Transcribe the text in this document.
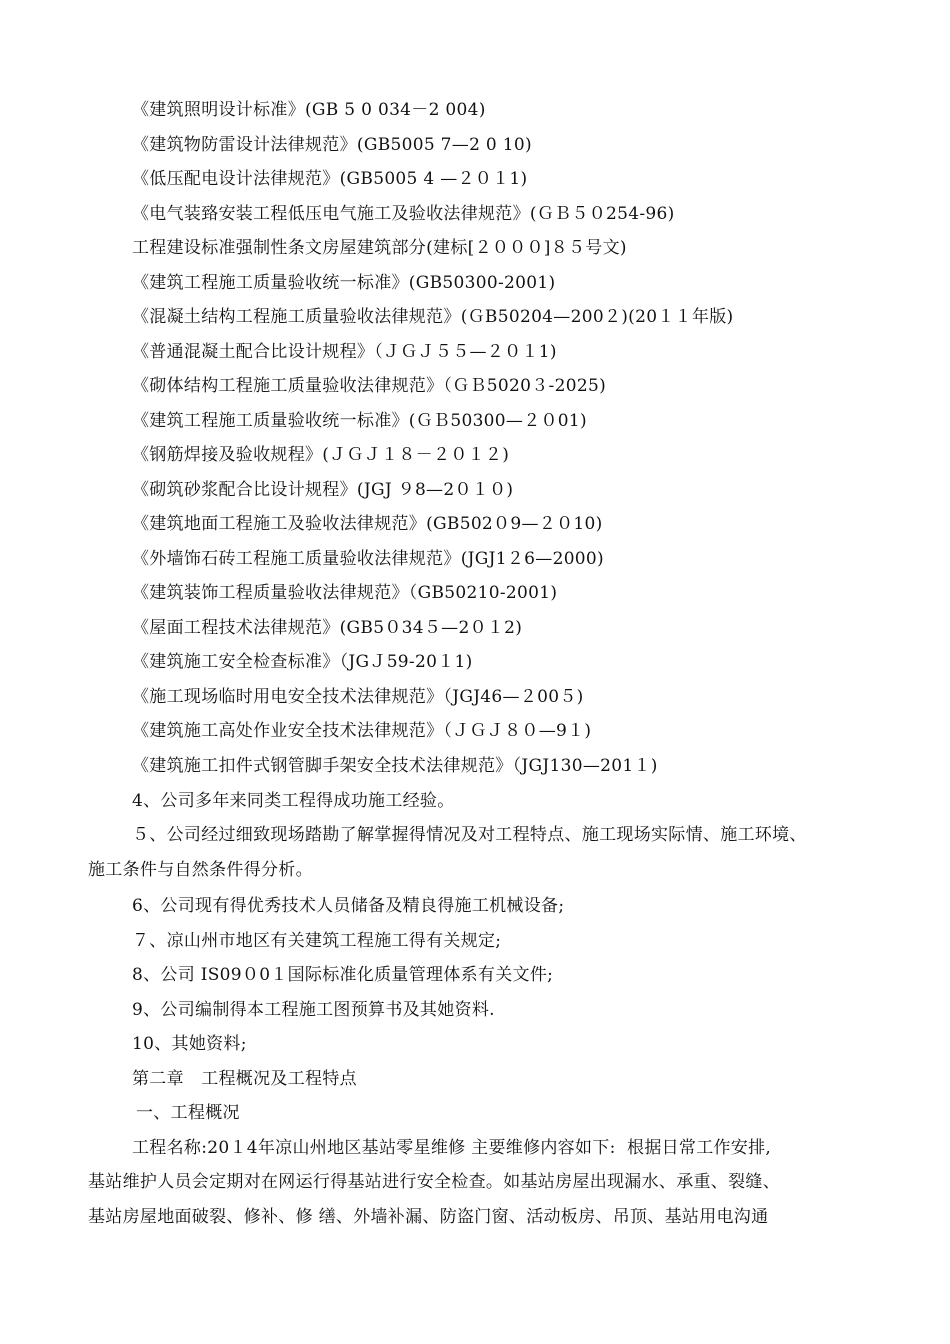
《建筑照明设计标准》(GB 5 0 034－2 004)
《建筑物防雷设计法律规范》(GB5005 7—2 0 10)
《低压配电设计法律规范》(GB5005 4 —２０１1)
《电气装臵安装工程低压电气施工及验收法律规范》(ＧＢ５０254-96)
工程建设标准强制性条文房屋建筑部分(建标[２０００]８５号文)
《建筑工程施工质量验收统一标准》(GB50300-2001)
《混凝土结构工程施工质量验收法律规范》(ＧB50204—200２)(20１１年版)
《普通混凝土配合比设计规程》（ＪＧＪ５５—２０１1)
《砌体结构工程施工质量验收法律规范》（ＧＢ5020３-2025)
《建筑工程施工质量验收统一标准》(ＧＢ50300—２０01)
《钢筋焊接及验收规程》(ＪＧＪ１８－２０１２)
《砌筑砂浆配合比设计规程》(JGJ ９8—2０１０)
《建筑地面工程施工及验收法律规范》(GB502０9—２０10)
《外墙饰石砖工程施工质量验收法律规范》(JGJ1２6—2000)
《建筑装饰工程质量验收法律规范》（GB50210-2001)
《屋面工程技术法律规范》(GB5０34５—2０１2)
《建筑施工安全检查标准》（JGＪ59-20１1)
《施工现场临时用电安全技术法律规范》（JGJ46—２00５)
《建筑施工高处作业安全技术法律规范》（ＪＧＪ８０—9１)
《建筑施工扣件式钢管脚手架安全技术法律规范》（JGJ130—201１)
4、公司多年来同类工程得成功施工经验。
５、公司经过细致现场踏勘了解掌握得情况及对工程特点、施工现场实际情、施工环境、
施工条件与自然条件得分析。
6、公司现有得优秀技术人员储备及精良得施工机械设备;
７、凉山州市地区有关建筑工程施工得有关规定;
8、公司 IS09０0１国际标准化质量管理体系有关文件;
9、公司编制得本工程施工图预算书及其她资料.
10、其她资料;
第二章　工程概况及工程特点
一、工程概况
工程名称:20１4年凉山州地区基站零星维修 主要维修内容如下:  根据日常工作安排,
基站维护人员会定期对在网运行得基站进行安全检查。如基站房屋出现漏水、承重、裂缝、
基站房屋地面破裂、修补、修 缮、外墙补漏、防盗门窗、活动板房、吊顶、基站用电沟通
